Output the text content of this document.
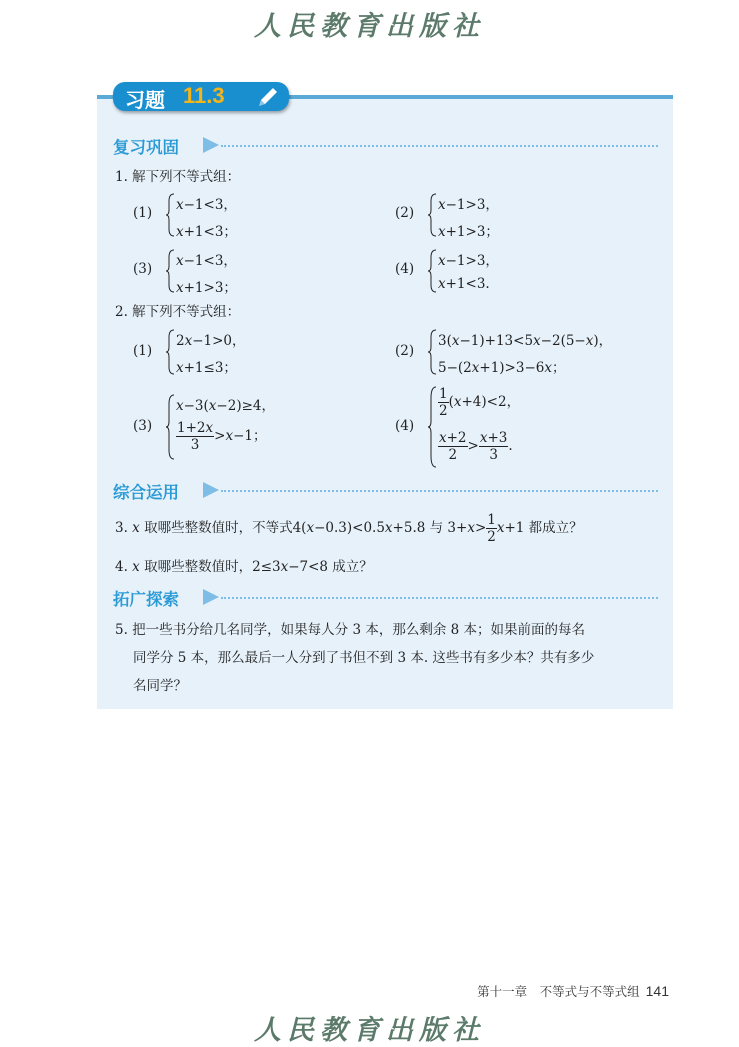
人民教育出版社
习题 11.3
复习巩固
1. 解下列不等式组：
(1) x−1<3，
x+1<3；
(2) x−1>3，
x+1>3；
(3) x−1<3，
x+1>3；
(4) x−1>3，
x+1<3.
2. 解下列不等式组：
(1)
2x−1>0，
x+1≤3；
(2)
3(x−1)+13<5x−2(5−x)，
5−(2x+1)>3−6x；
(3)
x−3(x−2)≥4，
$\frac{1+2x}{3} >x-1$；
(4)
$\frac{1}{2} (x+4)<2$，
$\frac{x+2}{2} > \frac{x+3}{3}$ .
综合运用
3. x 取哪些整数值时，不等式4(x−0.3)<0.5x+5.8 与 $3+x> \frac{1}{2} x+1$ 都成立？
4. x 取哪些整数值时，2≤3x−7<8 成立？
拓广探索
5. 把一些书分给几名同学，如果每人分 3 本，那么剩余 8 本；如果前面的每名
同学分 5 本，那么最后一人分到了书但不到 3 本. 这些书有多少本？共有多少
名同学？
第十一章　不等式与不等式组 141
人民教育出版社
